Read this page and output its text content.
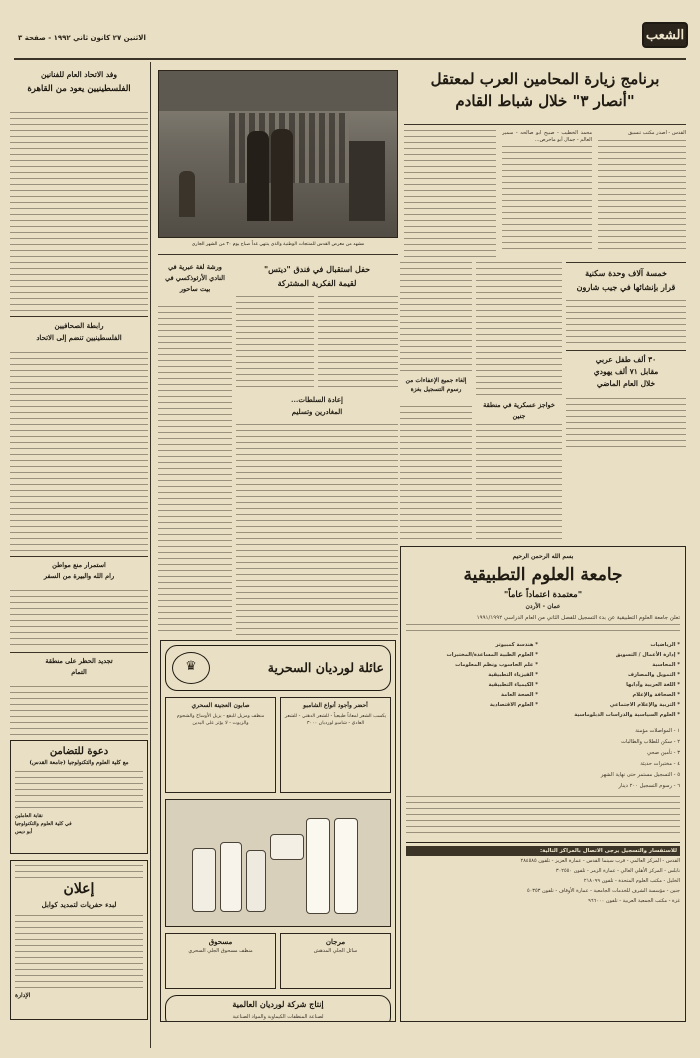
الشعب
الاثنين ٢٧ كانون ثاني ١٩٩٢ - صفحة ٣
برنامج زيارة المحامين العرب لمعتقل
"أنصار ٣" خلال شباط القادم
القدس - أصدر مكتب تنسيق
محمد الخطيب - صبيح أبو صالحه - سمير العالم - جمال أبو ماخرص...
مشهد من معرض القدس للمنتجات الوطنية والذي ينتهي غداً صباح يوم ٣٠ من الشهر الجاري
خمسة آلاف وحدة سكنية
قرار بإنشائها في جيب شارون
٣٠ ألف طفل عربي
مقابل ٧١ ألف يهودي
خلال العام الماضي
خواجز عسكرية في منطقة جنين
إلغاء جميع الإعفاءات من رسوم التسجيل بغزة
حفل استقبال في فندق "ديتس"
لقيمة الفكرية المشتركة
ورشة لغة عبرية في
النادي الأرثوذكسي في
بيت ساحور
إعادة السلطات...
المغادرين وتسليم
وفد الاتحاد العام للفنانين
الفلسطينيين يعود من القاهرة
رابطة الصحافيين
الفلسطينيين تنضم إلى الاتحاد
استمرار منع مواطن
رام الله والبيرة من السفر
تجديد الحظر على منطقة
التمام
دعوة للتضامن
مع كلية العلوم والتكنولوجيا (جامعة القدس)
نقابة العاملين
في كلية العلوم والتكنولوجيا
أبو ديس
إعلان
لبدء حفريات لتمديد كوابل
الإدارة
بسم الله الرحمن الرحيم
جامعة العلوم التطبيقية
"معتمدة اعتماداً عاماً"
عمان - الأردن
تعلن جامعة العلوم التطبيقية عن بدء التسجيل للفصل الثاني من العام الدراسي ١٩٩١/١٩٩٢
* الرياضيات
* إدارة الأعمال / التسويق
* المحاسبة
* التمويل والمصارف
* اللغة العربية وآدابها
* الصحافة والإعلام
* التربية والإعلام الاجتماعي
* العلوم السياسية والدراسات الدبلوماسية
* هندسة كمبيوتر
* العلوم الطبية المساعدة/المختبرات
* علم الحاسوب ونظم المعلومات
* الفيزياء التطبيقية
* الكيمياء التطبيقية
* الصحة العامة
* العلوم الاقتصادية
١ - المواصلات مؤمنة
٢ - سكن للطلاب والطالبات
٣ - تأمين صحي
٤ - مختبرات حديثة
٥ - التسجيل مستمر حتى نهاية الشهر
٦ - رسوم التسجيل ٢٠٠ دينار
للاستفسار والتسجيل يرجى الاتصال بالمراكز التالية:
القدس - المركز العالمي - قرب سينما القدس - عمارة العزيز - تلفون ٢٨٤٥٨٥
نابلس - المركز الأهلي العالي - عمارة الزمر - تلفون ٣٠٢٥٥٠
الخليل - مكتب العلوم المتحدة - تلفون ٢١٨٠٩٩
جنين - مؤسسة الشرف للخدمات الجامعية - عمارة الأوقاف - تلفون ٥٠٣٥٣
غزة - مكتب الجمعية العربية - تلفون ٩٦٦٠٠٠
عائلة لورديان السحرية
♛
أحضر وأجود أنواع الشامبو
يكسب الشعر لمعاناً طبيعياً - للشعر الدهني - للشعر العادي - شامبو لورديان ٣٠٠٠
صابون العجينة السحري
منظف ومزيل للبقع - يزيل الأوساخ والشحوم والزيوت - لا يؤثر على اليدين
مرجان
سائل الجلي المدهش
مسحوق
منظف مسحوق الجلي السحري
إنتاج شركة لورديان العالمية
لصناعة المنظفات الكيماوية والمواد الصناعية
